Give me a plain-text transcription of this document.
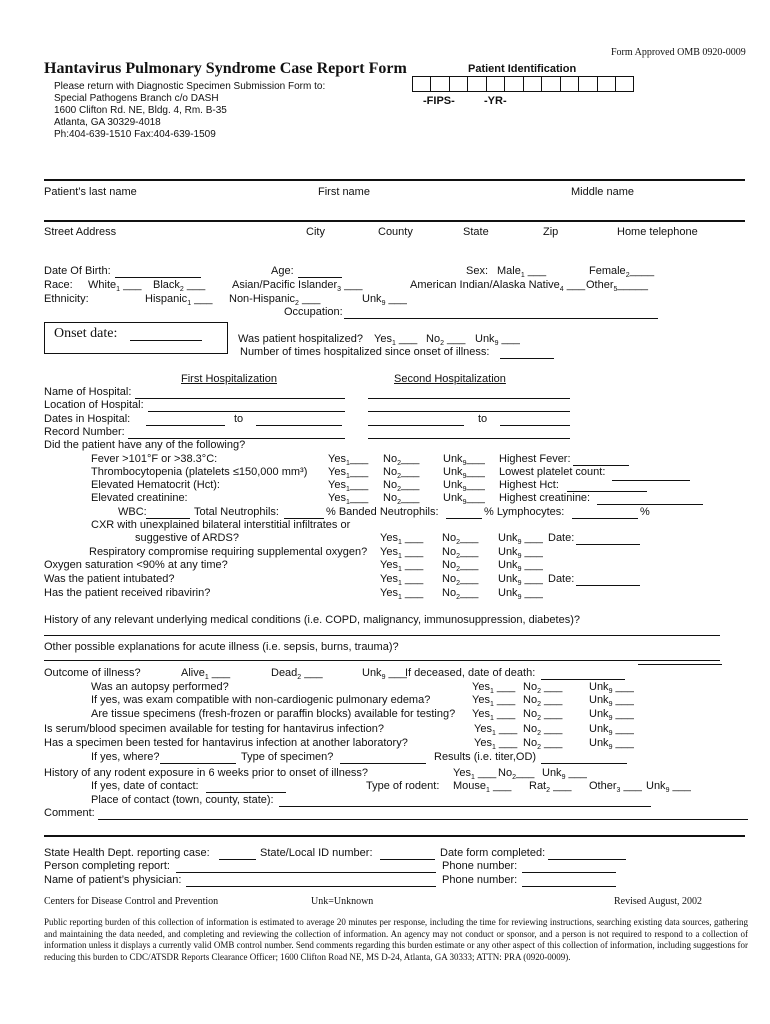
Form Approved OMB 0920-0009
Hantavirus Pulmonary Syndrome Case Report Form
Please return with Diagnostic Specimen Submission Form to:
Special Pathogens Branch c/o DASH
1600 Clifton Rd. NE, Bldg. 4, Rm. B-35
Atlanta, GA 30329-4018
Ph:404-639-1510 Fax:404-639-1509
Patient Identification
-FIPS-	-YR-
Patient’s last name	First name	Middle name
Street Address	City	County	State	Zip	Home telephone
Date Of Birth:	Age:	Sex: Male$_1$ ___	Female$_2$____
Race: White$_1$ ___ Black$_2$ ___ Asian/Pacific Islander$_3$ ___	American Indian/Alaska Native$_4$ ___ Other$_5$_____
Ethnicity:	Hispanic$_1$ ___ Non-Hispanic$_2$ ___	Unk$_9$ ___
Occupation:
Onset date:	Was patient hospitalized? Yes$_1$ ___ $No_2$ ___ Unk$_9$ ___
Number of times hospitalized since onset of illness:
First Hospitalization	Second Hospitalization
Name of Hospital:
Location of Hospital:
Dates in Hospital:	to	to
Record Number:
Did the patient have any of the following?
Fever >101°F or >38.3°C:	Yes$_1$___ $No_2\_\_\_$ Unk$_9$___ Highest Fever:
Thrombocytopenia (platelets ≤150,000 mm³) Yes$_1$___ $No_2\_\_\_$ Unk$_9$___ Lowest platelet count:
Elevated Hematocrit (Hct):	Yes$_1$___ $No_2\_\_\_$ Unk$_9$___ Highest Hct:
Elevated creatinine:	Yes$_1$___ $No_2\_\_\_$ Unk$_9$___ Highest creatinine:
WBC:	Total Neutrophils:	% Banded Neutrophils:	% Lymphocytes:	%
CXR with unexplained bilateral interstitial infiltrates or
suggestive of ARDS?	Yes$_1$ ___ $No_2\_\_\_$ Unk$_9$ ___ Date:
Respiratory compromise requiring supplemental oxygen? Yes$_1$ ___ $No_2\_\_\_$ Unk$_9$ ___
Oxygen saturation <90% at any time?	Yes$_1$ ___ $No_2\_\_\_$ Unk$_9$ ___
Was the patient intubated?	Yes$_1$ ___ $No_2\_\_\_$ Unk$_9$ ___ Date:
Has the patient received ribavirin?	Yes$_1$ ___ $No_2\_\_\_$ Unk$_9$ ___
History of any relevant underlying medical conditions (i.e. COPD, malignancy, immunosuppression, diabetes)?
Other possible explanations for acute illness (i.e. sepsis, burns, trauma)?
Outcome of illness?	Alive$_1$ ___	Dead$_2$ ___	Unk$_9$ ___
If deceased, date of death:
Was an autopsy performed?	Yes$_1$ ___ $No_2$ ___ Unk$_9$ ___
If yes, was exam compatible with non-cardiogenic pulmonary edema?	Yes$_1$ ___ $No_2$ ___ Unk$_9$ ___
Are tissue specimens (fresh-frozen or paraffin blocks) available for testing? Yes$_1$ ___ $No_2$ ___ Unk$_9$ ___
Is serum/blood specimen available for testing for hantavirus infection?	Yes$_1$ ___ $No_2$ ___ Unk$_9$ ___
Has a specimen been tested for hantavirus infection at another laboratory?	Yes$_1$ ___ $No_2$ ___ Unk$_9$ ___
If yes, where?	Type of specimen?	Results (i.e. titer,OD)
History of any rodent exposure in 6 weeks prior to onset of illness?	Yes$_1$ ___ $No_2\_\_\_$ Unk$_9$ ___
If yes, date of contact:	Type of rodent: Mouse$_1$ ___ Rat$_2$ ___ Other$_3$ ___ Unk$_9$ ___
Place of contact (town, county, state):
Comment:
State Health Dept. reporting case:	State/Local ID number:	Date form completed:
Person completing report:	Phone number:
Name of patient’s physician:	Phone number:
Centers for Disease Control and Prevention	Unk=Unknown	Revised August, 2002
Public reporting burden of this collection of information is estimated to average 20 minutes per response, including the time for reviewing instructions, searching existing data sources, gathering and maintaining the data needed, and completing and reviewing the collection of information. An agency may not conduct or sponsor, and a person is not required to respond to a collection of information unless it displays a currently valid OMB control number. Send comments regarding this burden estimate or any other aspect of this collection of information, including suggestions for reducing this burden to CDC/ATSDR Reports Clearance Officer; 1600 Clifton Road NE, MS D-24, Atlanta, GA 30333; ATTN: PRA (0920-0009).
